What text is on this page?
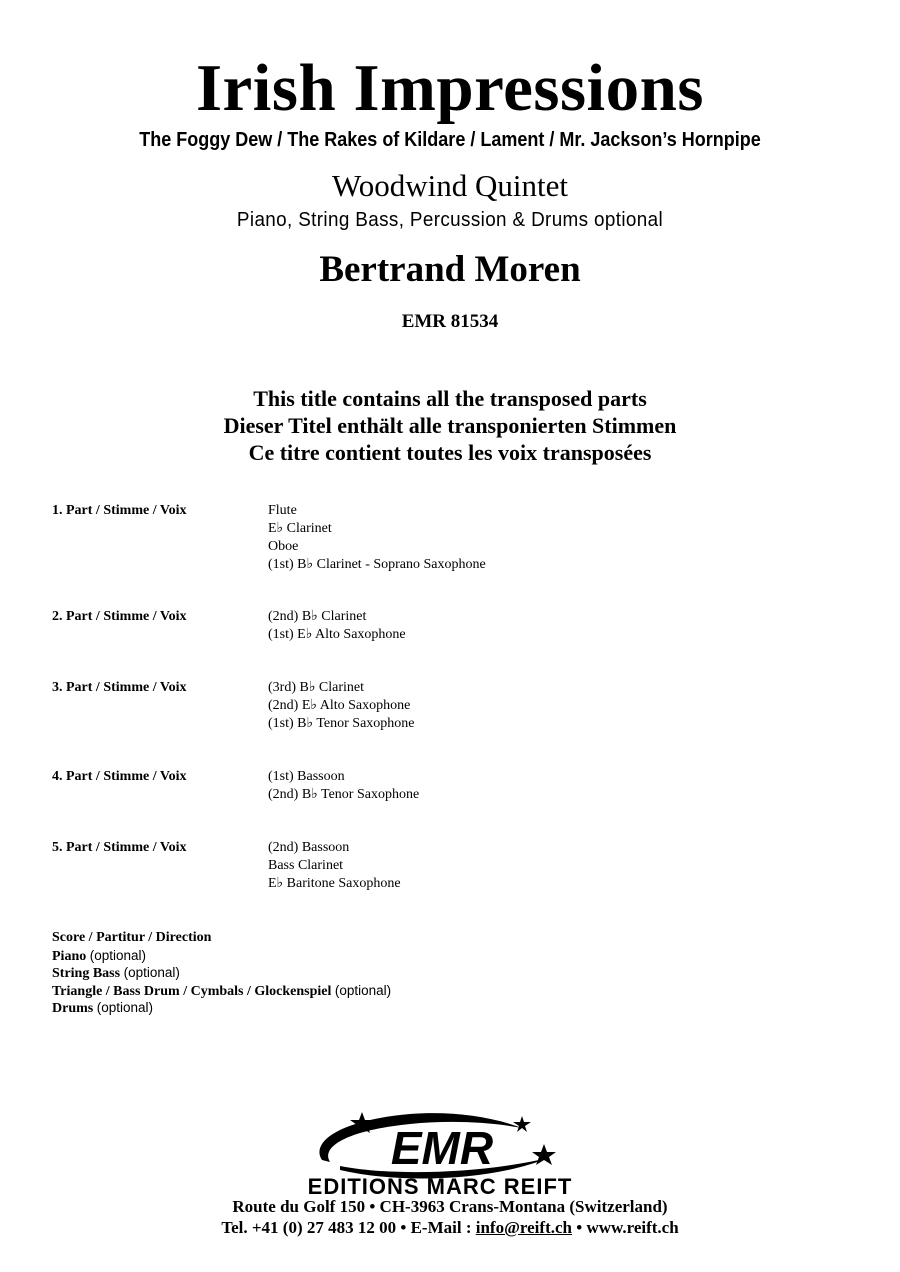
Irish Impressions
The Foggy Dew / The Rakes of Kildare / Lament / Mr. Jackson’s Hornpipe
Woodwind Quintet
Piano, String Bass, Percussion & Drums optional
Bertrand Moren
EMR 81534
This title contains all the transposed parts
Dieser Titel enthält alle transponierten Stimmen
Ce titre contient toutes les voix transposées
1. Part / Stimme / Voix	Flute
E♭ Clarinet
Oboe
(1st) B♭ Clarinet - Soprano Saxophone
2. Part / Stimme / Voix	(2nd) B♭ Clarinet
(1st) E♭ Alto Saxophone
3. Part / Stimme / Voix	(3rd) B♭ Clarinet
(2nd) E♭ Alto Saxophone
(1st) B♭ Tenor Saxophone
4. Part / Stimme / Voix	(1st) Bassoon
(2nd) B♭ Tenor Saxophone
5. Part / Stimme / Voix	(2nd) Bassoon
Bass Clarinet
E♭ Baritone Saxophone
Score / Partitur / Direction
Piano (optional)
String Bass (optional)
Triangle / Bass Drum / Cymbals / Glockenspiel (optional)
Drums (optional)
EMR
EDITIONS MARC REIFT
Route du Golf 150 • CH-3963 Crans-Montana (Switzerland)
Tel. +41 (0) 27 483 12 00 • E-Mail : info@reift.ch • www.reift.ch
